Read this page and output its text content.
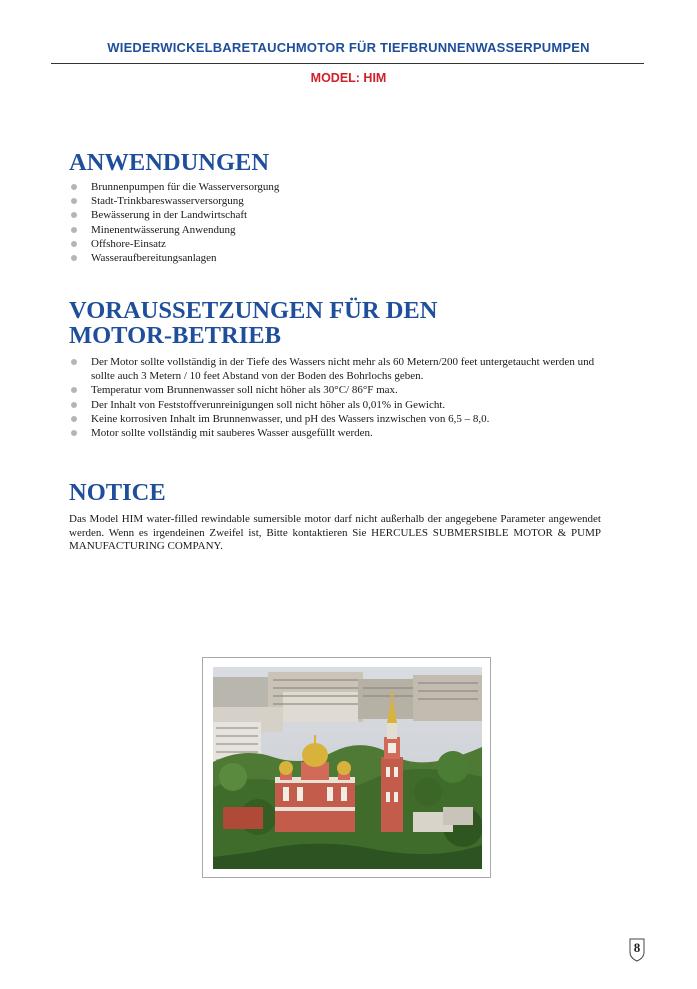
WIEDERWICKELBARETAUCHMOTOR FÜR TIEFBRUNNENWASSERPUMPEN
MODEL: HIM
ANWENDUNGEN
Brunnenpumpen für die Wasserversorgung
Stadt-Trinkbareswasserversorgung
Bewässerung in der Landwirtschaft
Minenentwässerung Anwendung
Offshore-Einsatz
Wasseraufbereitungsanlagen
VORAUSSETZUNGEN FÜR DEN
MOTOR-BETRIEB
Der Motor sollte vollständig in der Tiefe des Wassers nicht mehr als 60 Metern/200 feet untergetaucht werden und sollte auch 3 Metern / 10 feet Abstand von der Boden des Bohrlochs geben.
Temperatur vom Brunnenwasser soll nicht höher als 30°C/ 86°F max.
Der Inhalt von Feststoffverunreinigungen soll nicht höher als 0,01% in Gewicht.
Keine korrosiven Inhalt im Brunnenwasser, und pH des Wassers inzwischen von 6,5 – 8,0.
Motor sollte vollständig mit sauberes Wasser ausgefüllt werden.
NOTICE

Das Model HIM water-filled rewindable sumersible motor darf nicht außerhalb der angegebene Parameter angewendet werden. Wenn es irgendeinen Zweifel ist, Bitte kontaktieren Sie HERCULES SUBMERSIBLE MOTOR & PUMP MANUFACTURING COMPANY.

8
